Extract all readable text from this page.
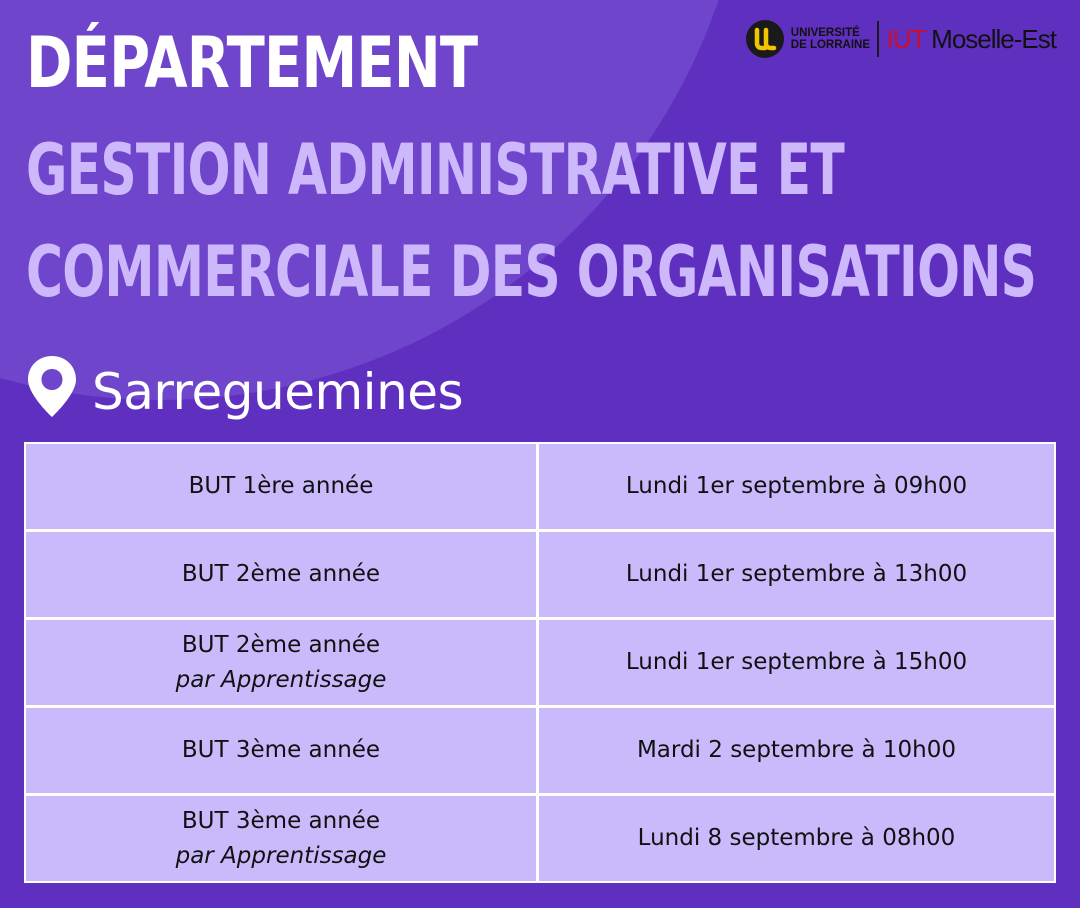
DÉPARTEMENT
GESTION ADMINISTRATIVE ET
COMMERCIALE DES ORGANISATIONS
UNIVERSITÉ
DE LORRAINE IUT Moselle-Est
Sarreguemines
BUT 1ère année	Lundi 1er septembre à 09h00

BUT 2ème année	Lundi 1er septembre à 13h00

BUT 2ème année
par Apprentissage	Lundi 1er septembre à 15h00

BUT 3ème année	Mardi 2 septembre à 10h00

BUT 3ème année
par Apprentissage	Lundi 8 septembre à 08h00
